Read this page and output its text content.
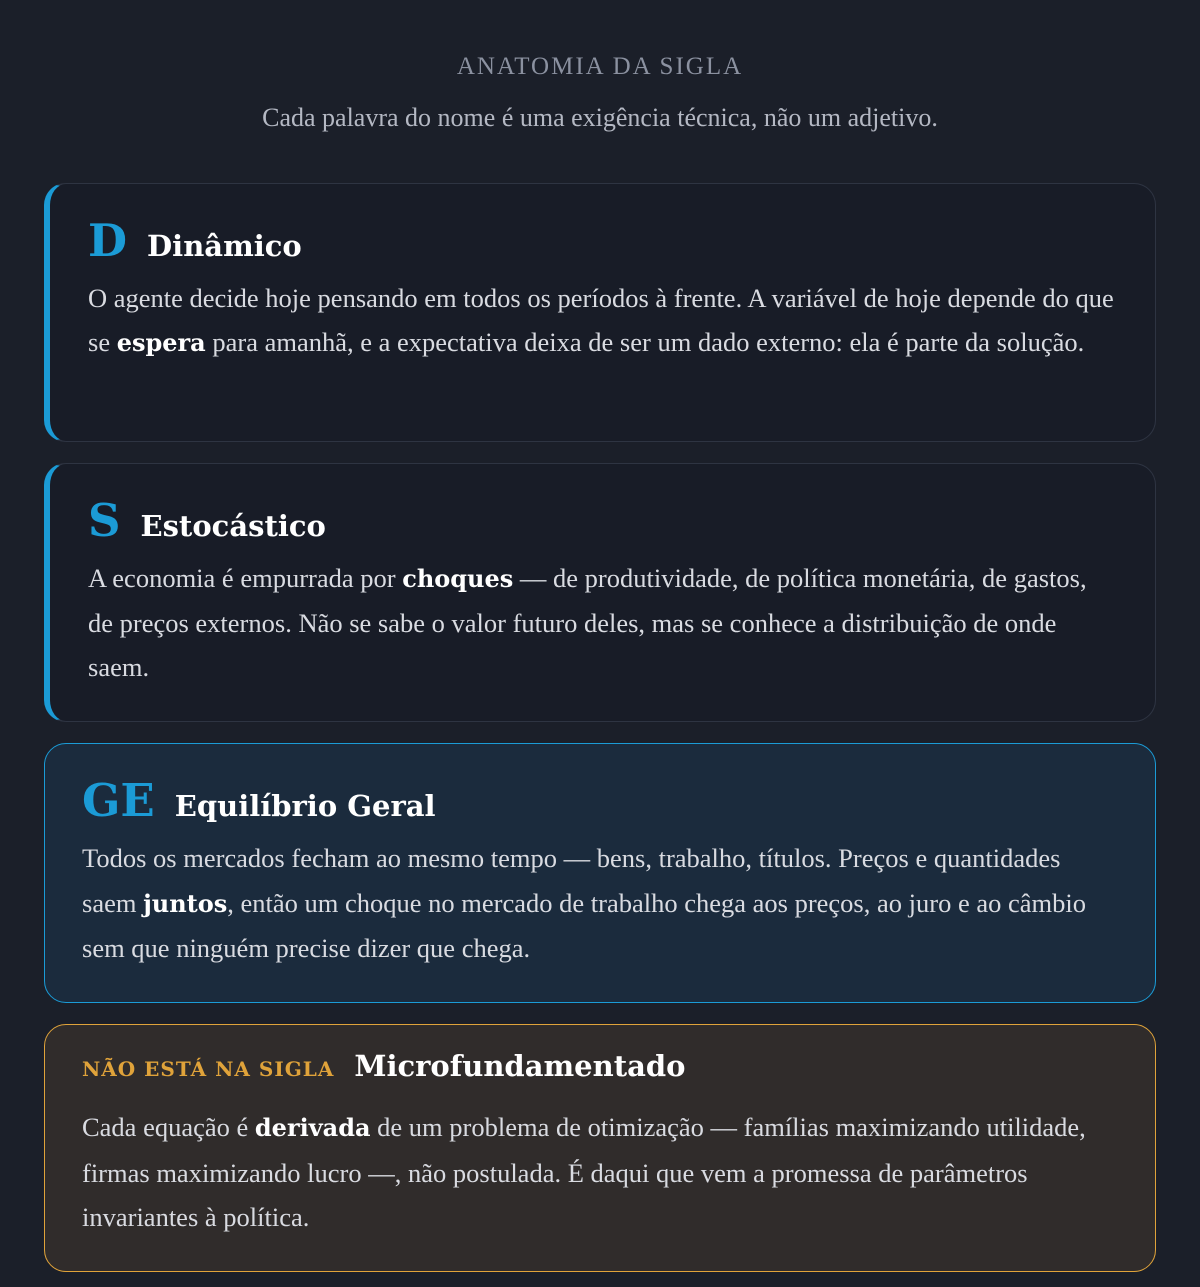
ANATOMIA DA SIGLA
Cada palavra do nome é uma exigência técnica, não um adjetivo.
D Dinâmico
O agente decide hoje pensando em todos os períodos à frente. A variável de hoje depende do que se espera para amanhã, e a expectativa deixa de ser um dado externo: ela é parte da solução.
S Estocástico
A economia é empurrada por choques — de produtividade, de política monetária, de gastos, de preços externos. Não se sabe o valor futuro deles, mas se conhece a distribuição de onde saem.
GE Equilíbrio Geral
Todos os mercados fecham ao mesmo tempo — bens, trabalho, títulos. Preços e quantidades saem juntos, então um choque no mercado de trabalho chega aos preços, ao juro e ao câmbio sem que ninguém precise dizer que chega.
NÃO ESTÁ NA SIGLA Microfundamentado
Cada equação é derivada de um problema de otimização — famílias maximizando utilidade, firmas maximizando lucro —, não postulada. É daqui que vem a promessa de parâmetros invariantes à política.
